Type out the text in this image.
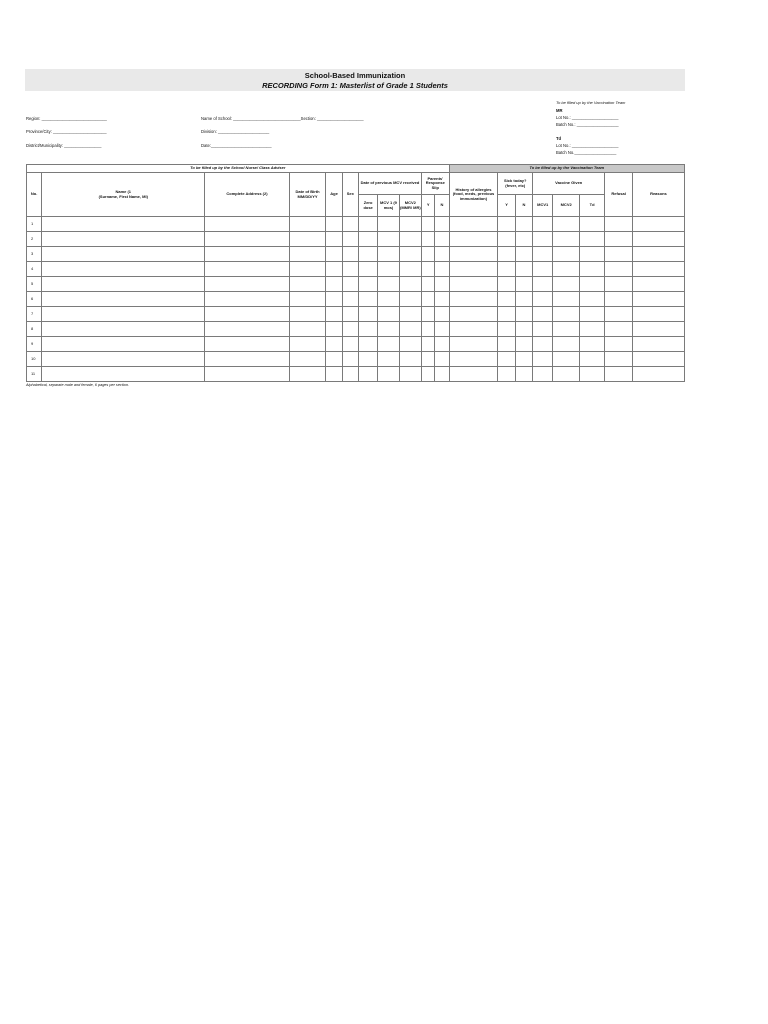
School-Based Immunization
RECORDING Form 1: Masterlist of Grade 1 Students
To be filled up by the Vaccination Team
Region: ____________________________
Province/City: _______________________
District/Municipality: ________________
Name of School: _____________________________Section: ____________________
Division: ______________________
Date:__________________________
MR
Lot No.: ____________________
Batch No.: __________________
Td
Lot No.: ____________________
Batch No.__________________
To be filled up by the School Nurse/ Class Adviser											To be filled up by the Vaccination Team							
No.	Name (1
(Surname, First Name, MI)	Complete Address (2)	Date of Birth
MM/DD/YY	Age	Sex	Date of previous MCV received			Parents' Response Slip		History of allergies (food, meds, previous immunization)	Sick today? (fever, etc)		Vaccine Given			Refusal	Reasons
						Zero dose	MCV 1 (9 mos)	MCV2 (MMR/ MR)	Y	N		Y	N	MCV1	MCV2	Td		
1																		
2																		
3																		
4																		
5																		
6																		
7																		
8																		
9																		
10																		
11																		
Alphabetical, separate male and female, 6 pages per section.
